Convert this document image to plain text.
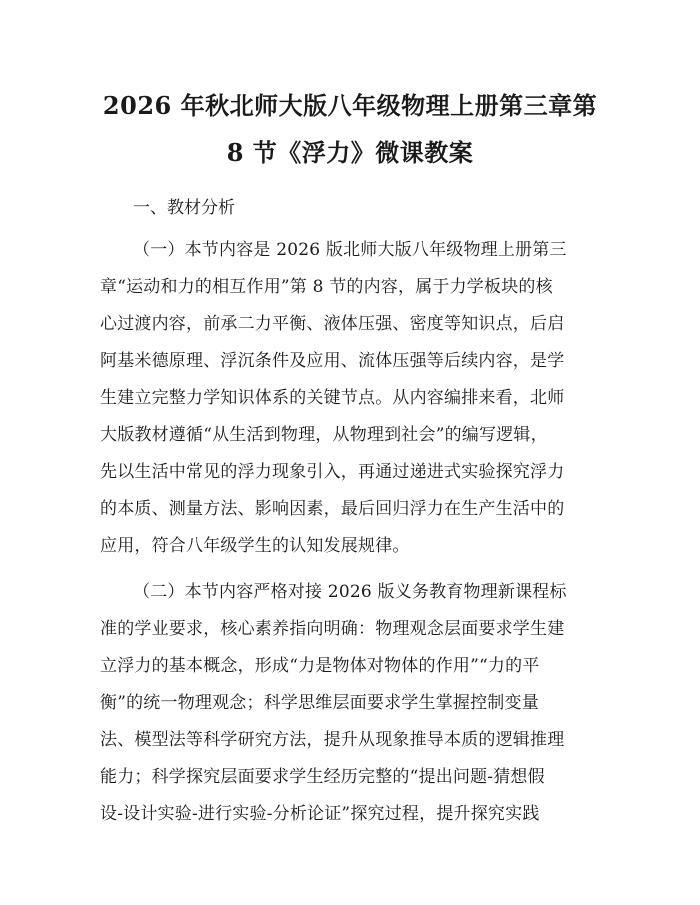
2026 年秋北师大版八年级物理上册第三章第
8 节《浮力》微课教案
一、教材分析
（一）本节内容是 2026 版北师大版八年级物理上册第三
章“运动和力的相互作用”第 8 节的内容，属于力学板块的核
心过渡内容，前承二力平衡、液体压强、密度等知识点，后启
阿基米德原理、浮沉条件及应用、流体压强等后续内容，是学
生建立完整力学知识体系的关键节点。从内容编排来看，北师
大版教材遵循“从生活到物理，从物理到社会”的编写逻辑，
先以生活中常见的浮力现象引入，再通过递进式实验探究浮力
的本质、测量方法、影响因素，最后回归浮力在生产生活中的
应用，符合八年级学生的认知发展规律。
（二）本节内容严格对接 2026 版义务教育物理新课程标
准的学业要求，核心素养指向明确：物理观念层面要求学生建
立浮力的基本概念，形成“力是物体对物体的作用”“力的平
衡”的统一物理观念；科学思维层面要求学生掌握控制变量
法、模型法等科学研究方法，提升从现象推导本质的逻辑推理
能力；科学探究层面要求学生经历完整的“提出问题-猜想假
设-设计实验-进行实验-分析论证”探究过程，提升探究实践
